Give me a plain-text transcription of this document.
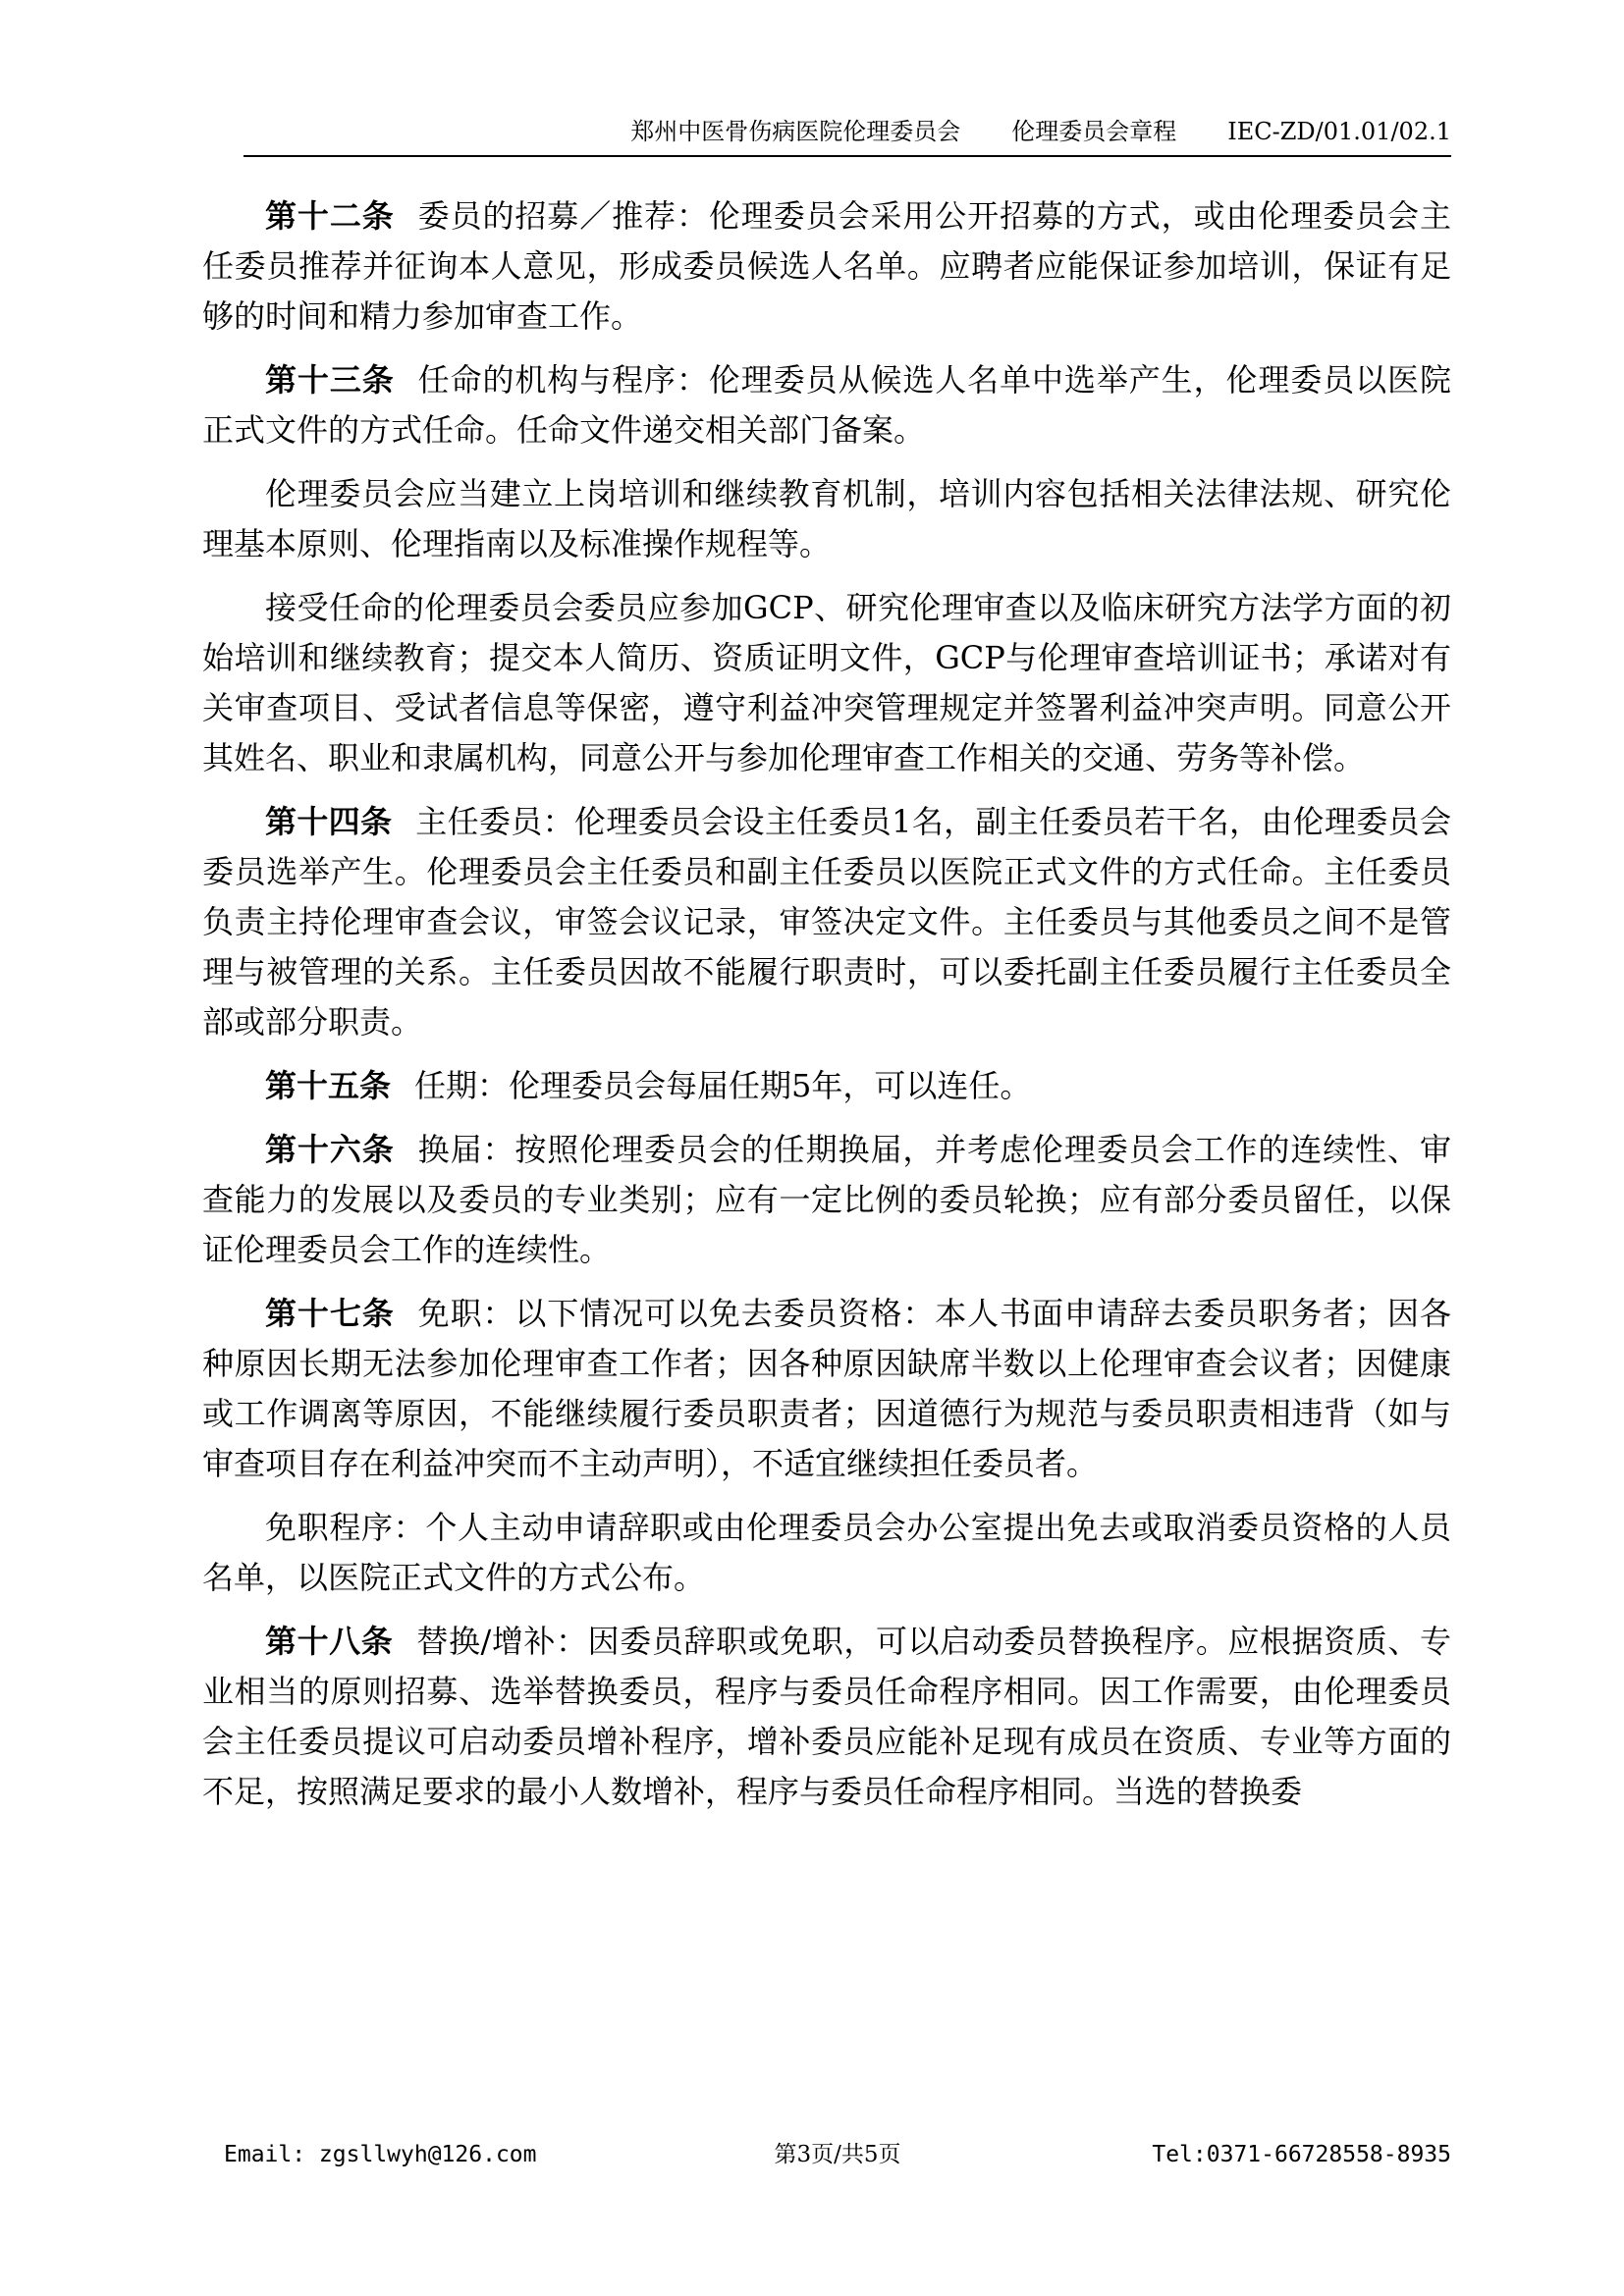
郑州中医骨伤病医院伦理委员会 伦理委员会章程 IEC-ZD/01.01/02.1

第十二条 委员的招募／推荐：伦理委员会采用公开招募的方式，或由伦理委员会主任委员推荐并征询本人意见，形成委员候选人名单。应聘者应能保证参加培训，保证有足够的时间和精力参加审查工作。

第十三条 任命的机构与程序：伦理委员从候选人名单中选举产生，伦理委员以医院正式文件的方式任命。任命文件递交相关部门备案。

伦理委员会应当建立上岗培训和继续教育机制，培训内容包括相关法律法规、研究伦理基本原则、伦理指南以及标准操作规程等。

接受任命的伦理委员会委员应参加GCP、研究伦理审查以及临床研究方法学方面的初始培训和继续教育；提交本人简历、资质证明文件，GCP与伦理审查培训证书；承诺对有关审查项目、受试者信息等保密，遵守利益冲突管理规定并签署利益冲突声明。同意公开其姓名、职业和隶属机构，同意公开与参加伦理审查工作相关的交通、劳务等补偿。

第十四条 主任委员：伦理委员会设主任委员1名，副主任委员若干名，由伦理委员会委员选举产生。伦理委员会主任委员和副主任委员以医院正式文件的方式任命。主任委员负责主持伦理审查会议，审签会议记录，审签决定文件。主任委员与其他委员之间不是管理与被管理的关系。主任委员因故不能履行职责时，可以委托副主任委员履行主任委员全部或部分职责。

第十五条 任期：伦理委员会每届任期5年，可以连任。

第十六条 换届：按照伦理委员会的任期换届，并考虑伦理委员会工作的连续性、审查能力的发展以及委员的专业类别；应有一定比例的委员轮换；应有部分委员留任，以保证伦理委员会工作的连续性。

第十七条 免职：以下情况可以免去委员资格：本人书面申请辞去委员职务者；因各种原因长期无法参加伦理审查工作者；因各种原因缺席半数以上伦理审查会议者；因健康或工作调离等原因，不能继续履行委员职责者；因道德行为规范与委员职责相违背（如与审查项目存在利益冲突而不主动声明），不适宜继续担任委员者。

免职程序：个人主动申请辞职或由伦理委员会办公室提出免去或取消委员资格的人员名单，以医院正式文件的方式公布。

第十八条 替换/增补：因委员辞职或免职，可以启动委员替换程序。应根据资质、专业相当的原则招募、选举替换委员，程序与委员任命程序相同。因工作需要，由伦理委员会主任委员提议可启动委员增补程序，增补委员应能补足现有成员在资质、专业等方面的不足，按照满足要求的最小人数增补，程序与委员任命程序相同。当选的替换委

Email: zgsllwyh@126.com	第3页/共5页	Tel:0371-66728558-8935
